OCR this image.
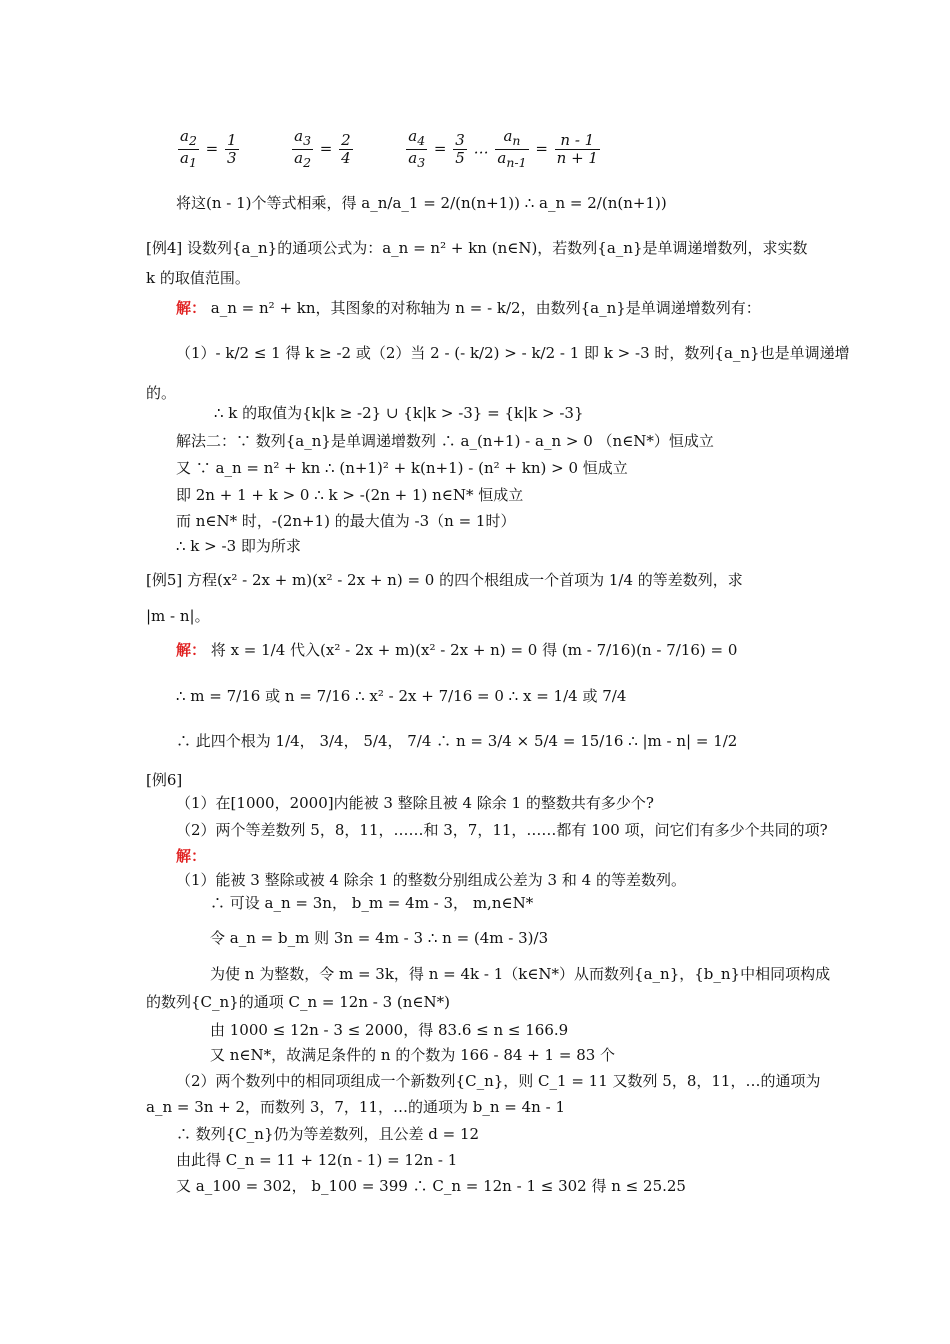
$\frac{a_2}{a_1} = \frac{1}{3}$
	$\frac{a_3}{a_2} = \frac{2}{4}$
	$\frac{a_4}{a_3} = \frac{3}{5}$ … $\frac{a_n}{a_{n-1}} = \frac{n - 1}{n + 1}$
将这(n - 1)个等式相乘，得 a_n/a_1 = 2/(n(n+1)) ∴ a_n = 2/(n(n+1))
[例4] 设数列{a_n}的通项公式为：a_n = n² + kn (n∈N)，若数列{a_n}是单调递增数列，求实数
k 的取值范围。
解： a_n = n² + kn，其图象的对称轴为 n = - k/2，由数列{a_n}是单调递增数列有：
（1）- k/2 ≤ 1 得 k ≥ -2 或（2）当 2 - (- k/2) > - k/2 - 1 即 k > -3 时，数列{a_n}也是单调递增
的。
∴ k 的取值为{k|k ≥ -2} ∪ {k|k > -3} = {k|k > -3}
解法二：∵ 数列{a_n}是单调递增数列 ∴ a_(n+1) - a_n > 0 （n∈N*）恒成立
又 ∵ a_n = n² + kn ∴ (n+1)² + k(n+1) - (n² + kn) > 0 恒成立
即 2n + 1 + k > 0 ∴ k > -(2n + 1) n∈N* 恒成立
而 n∈N* 时，-(2n+1) 的最大值为 -3（n = 1时）
∴ k > -3 即为所求
[例5] 方程(x² - 2x + m)(x² - 2x + n) = 0 的四个根组成一个首项为 1/4 的等差数列，求
|m - n|。
解： 将 x = 1/4 代入(x² - 2x + m)(x² - 2x + n) = 0 得 (m - 7/16)(n - 7/16) = 0
∴ m = 7/16 或 n = 7/16 ∴ x² - 2x + 7/16 = 0 ∴ x = 1/4 或 7/4
∴ 此四个根为 1/4， 3/4， 5/4， 7/4 ∴ n = 3/4 × 5/4 = 15/16 ∴ |m - n| = 1/2
[例6]
（1）在[1000，2000]内能被 3 整除且被 4 除余 1 的整数共有多少个?
（2）两个等差数列 5，8，11，……和 3，7，11，……都有 100 项，问它们有多少个共同的项?
解：
（1）能被 3 整除或被 4 除余 1 的整数分别组成公差为 3 和 4 的等差数列。
∴ 可设 a_n = 3n， b_m = 4m - 3， m,n∈N*
令 a_n = b_m 则 3n = 4m - 3 ∴ n = (4m - 3)/3
为使 n 为整数，令 m = 3k，得 n = 4k - 1（k∈N*）从而数列{a_n}，{b_n}中相同项构成
的数列{C_n}的通项 C_n = 12n - 3 (n∈N*)
由 1000 ≤ 12n - 3 ≤ 2000，得 83.6 ≤ n ≤ 166.9
又 n∈N*，故满足条件的 n 的个数为 166 - 84 + 1 = 83 个
（2）两个数列中的相同项组成一个新数列{C_n}，则 C_1 = 11 又数列 5，8，11，…的通项为
a_n = 3n + 2，而数列 3，7，11，…的通项为 b_n = 4n - 1
∴ 数列{C_n}仍为等差数列，且公差 d = 12
由此得 C_n = 11 + 12(n - 1) = 12n - 1
又 a_100 = 302， b_100 = 399 ∴ C_n = 12n - 1 ≤ 302 得 n ≤ 25.25
